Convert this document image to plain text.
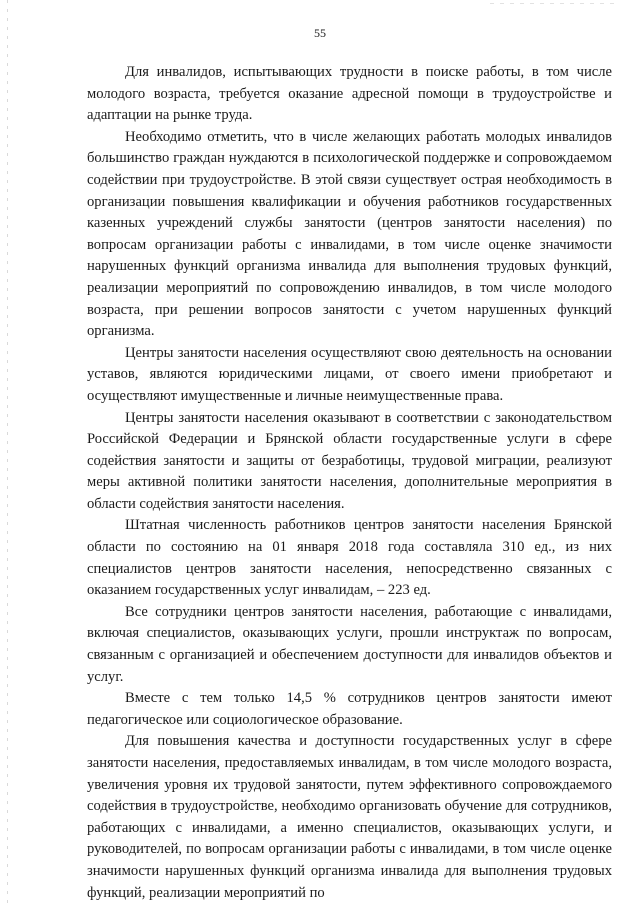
55

Для инвалидов, испытывающих трудности в поиске работы, в том числе молодого возраста, требуется оказание адресной помощи в трудоустройстве и адаптации на рынке труда.

Необходимо отметить, что в числе желающих работать молодых инвалидов большинство граждан нуждаются в психологической поддержке и сопровождаемом содействии при трудоустройстве. В этой связи существует острая необходимость в организации повышения квалификации и обучения работников государственных казенных учреждений службы занятости (центров занятости населения) по вопросам организации работы с инвалидами, в том числе оценке значимости нарушенных функций организма инвалида для выполнения трудовых функций, реализации мероприятий по сопровождению инвалидов, в том числе молодого возраста, при решении вопросов занятости с учетом нарушенных функций организма.

Центры занятости населения осуществляют свою деятельность на основании уставов, являются юридическими лицами, от своего имени приобретают и осуществляют имущественные и личные неимущественные права.

Центры занятости населения оказывают в соответствии с законодательством Российской Федерации и Брянской области государственные услуги в сфере содействия занятости и защиты от безработицы, трудовой миграции, реализуют меры активной политики занятости населения, дополнительные мероприятия в области содействия занятости населения.

Штатная численность работников центров занятости населения Брянской области по состоянию на 01 января 2018 года составляла 310 ед., из них специалистов центров занятости населения, непосредственно связанных с оказанием государственных услуг инвалидам, – 223 ед.

Все сотрудники центров занятости населения, работающие с инвалидами, включая специалистов, оказывающих услуги, прошли инструктаж по вопросам, связанным с организацией и обеспечением доступности для инвалидов объектов и услуг.

Вместе с тем только 14,5 % сотрудников центров занятости имеют педагогическое или социологическое образование.

Для повышения качества и доступности государственных услуг в сфере занятости населения, предоставляемых инвалидам, в том числе молодого возраста, увеличения уровня их трудовой занятости, путем эффективного сопровождаемого содействия в трудоустройстве, необходимо организовать обучение для сотрудников, работающих с инвалидами, а именно специалистов, оказывающих услуги, и руководителей, по вопросам организации работы с инвалидами, в том числе оценке значимости нарушенных функций организма инвалида для выполнения трудовых функций, реализации мероприятий по
